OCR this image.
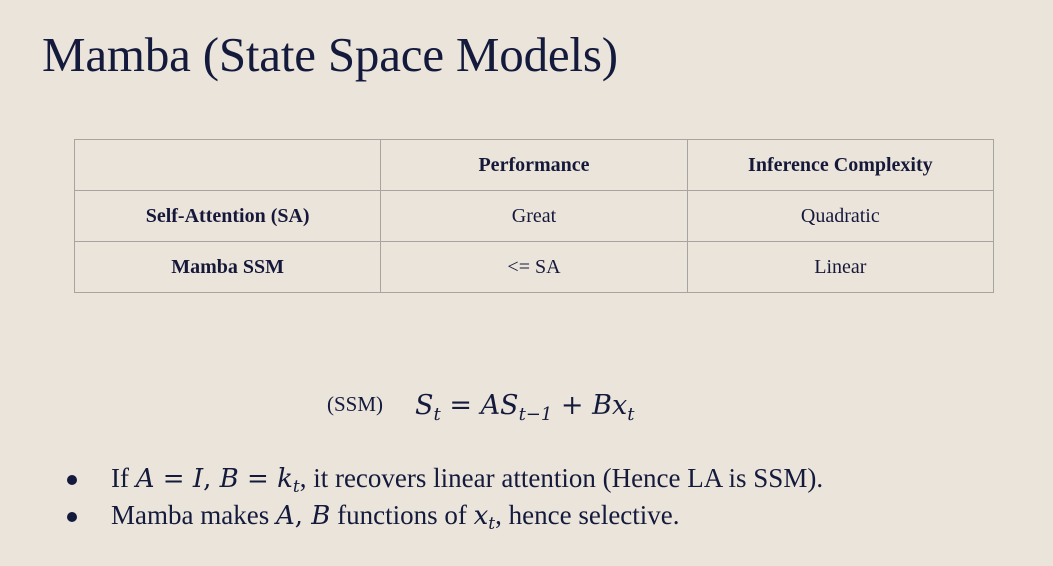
Mamba (State Space Models)
	Performance	Inference Complexity
Self-Attention (SA)	Great	Quadratic
Mamba SSM	<= SA	Linear
(SSM) $S_t = AS_{t-1} + Bx_t$
If A = I, $B = k_t$, it recovers linear attention (Hence LA is SSM).
Mamba makes A, B functions of $x_t$, hence selective.
